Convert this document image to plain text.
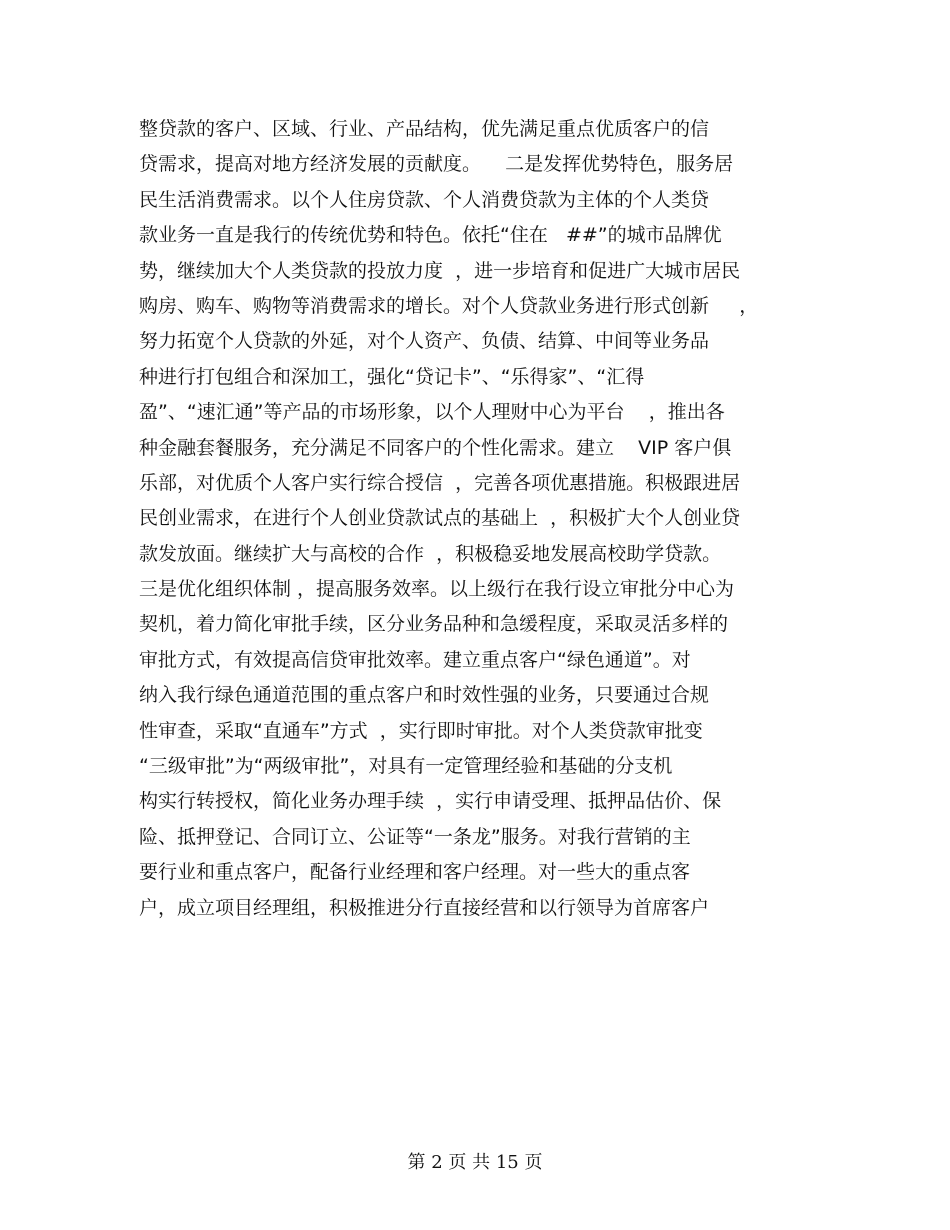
整贷款的客户、区域、行业、产品结构，优先满足重点优质客户的信
贷需求，提高对地方经济发展的贡献度。    二是发挥优势特色，服务居
民生活消费需求。以个人住房贷款、个人消费贷款为主体的个人类贷
款业务一直是我行的传统优势和特色。依托“住在   ##”的城市品牌优
势，继续加大个人类贷款的投放力度  ，进一步培育和促进广大城市居民
购房、购车、购物等消费需求的增长。对个人贷款业务进行形式创新     ，
努力拓宽个人贷款的外延，对个人资产、负债、结算、中间等业务品
种进行打包组合和深加工，强化“贷记卡”、“乐得家”、“汇得
盈”、“速汇通”等产品的市场形象，以个人理财中心为平台    ，推出各
种金融套餐服务，充分满足不同客户的个性化需求。建立    VIP 客户俱
乐部，对优质个人客户实行综合授信  ，完善各项优惠措施。积极跟进居
民创业需求，在进行个人创业贷款试点的基础上  ，积极扩大个人创业贷
款发放面。继续扩大与高校的合作  ，积极稳妥地发展高校助学贷款。
三是优化组织体制 ，提高服务效率。以上级行在我行设立审批分中心为
契机，着力简化审批手续，区分业务品种和急缓程度，采取灵活多样的
审批方式，有效提高信贷审批效率。建立重点客户“绿色通道”。对
纳入我行绿色通道范围的重点客户和时效性强的业务，只要通过合规
性审查，采取“直通车”方式  ，实行即时审批。对个人类贷款审批变
“三级审批”为“两级审批”，对具有一定管理经验和基础的分支机
构实行转授权，简化业务办理手续  ，实行申请受理、抵押品估价、保
险、抵押登记、合同订立、公证等“一条龙”服务。对我行营销的主
要行业和重点客户，配备行业经理和客户经理。对一些大的重点客
户，成立项目经理组，积极推进分行直接经营和以行领导为首席客户
第 2 页 共 15 页
